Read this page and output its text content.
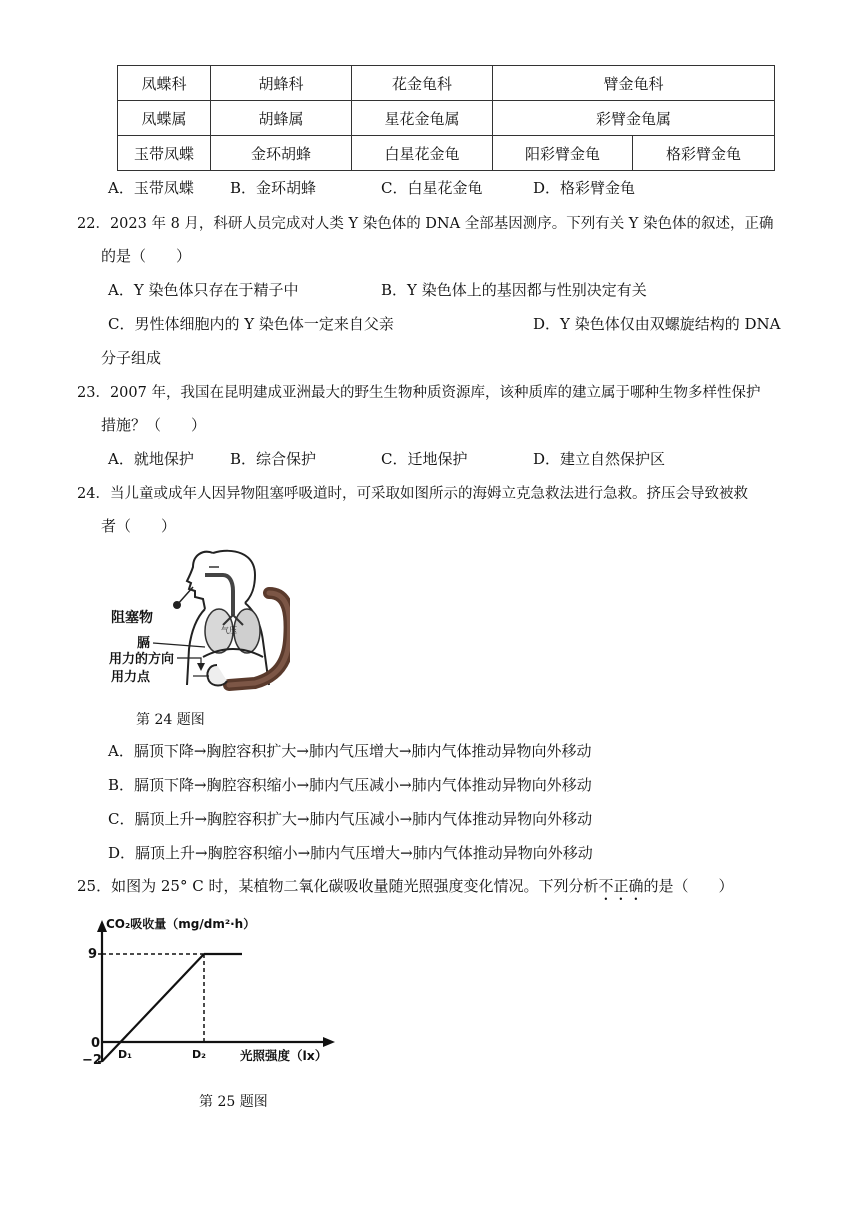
凤蝶科	胡蜂科	花金龟科	臂金龟科	
凤蝶属	胡蜂属	星花金龟属	彩臂金龟属	
玉带凤蝶	金环胡蜂	白星花金龟	阳彩臂金龟	格彩臂金龟
A．玉带凤蝶 B．金环胡蜂	C．白星花金龟	D．格彩臂金龟
22．2023 年 8 月，科研人员完成对人类 Y 染色体的 DNA 全部基因测序。下列有关 Y 染色体的叙述，正确
的是（　　）
A．Y 染色体只存在于精子中	B．Y 染色体上的基因都与性别决定有关
C．男性体细胞内的 Y 染色体一定来自父亲	D．Y 染色体仅由双螺旋结构的 DNA
分子组成
23．2007 年，我国在昆明建成亚洲最大的野生生物种质资源库，该种质库的建立属于哪种生物多样性保护
措施？（　　）
A．就地保护 B．综合保护	C．迁地保护	D．建立自然保护区
24．当儿童或成年人因异物阻塞呼吸道时，可采取如图所示的海姆立克急救法进行急救。挤压会导致被救
者（　　）
阻塞物
膈
用力的方向
用力点
气压
第 24 题图
A．膈顶下降→胸腔容积扩大→肺内气压增大→肺内气体推动异物向外移动
B．膈顶下降→胸腔容积缩小→肺内气压减小→肺内气体推动异物向外移动
C．膈顶上升→胸腔容积扩大→肺内气压减小→肺内气体推动异物向外移动
D．膈顶上升→胸腔容积缩小→肺内气压增大→肺内气体推动异物向外移动
25．如图为 25° C 时，某植物二氧化碳吸收量随光照强度变化情况。下列分析不正确的是（　　）
CO₂吸收量（mg/dm²·h）
光照强度（lx）
9
0
−2 D₁	D₂
第 25 题图
